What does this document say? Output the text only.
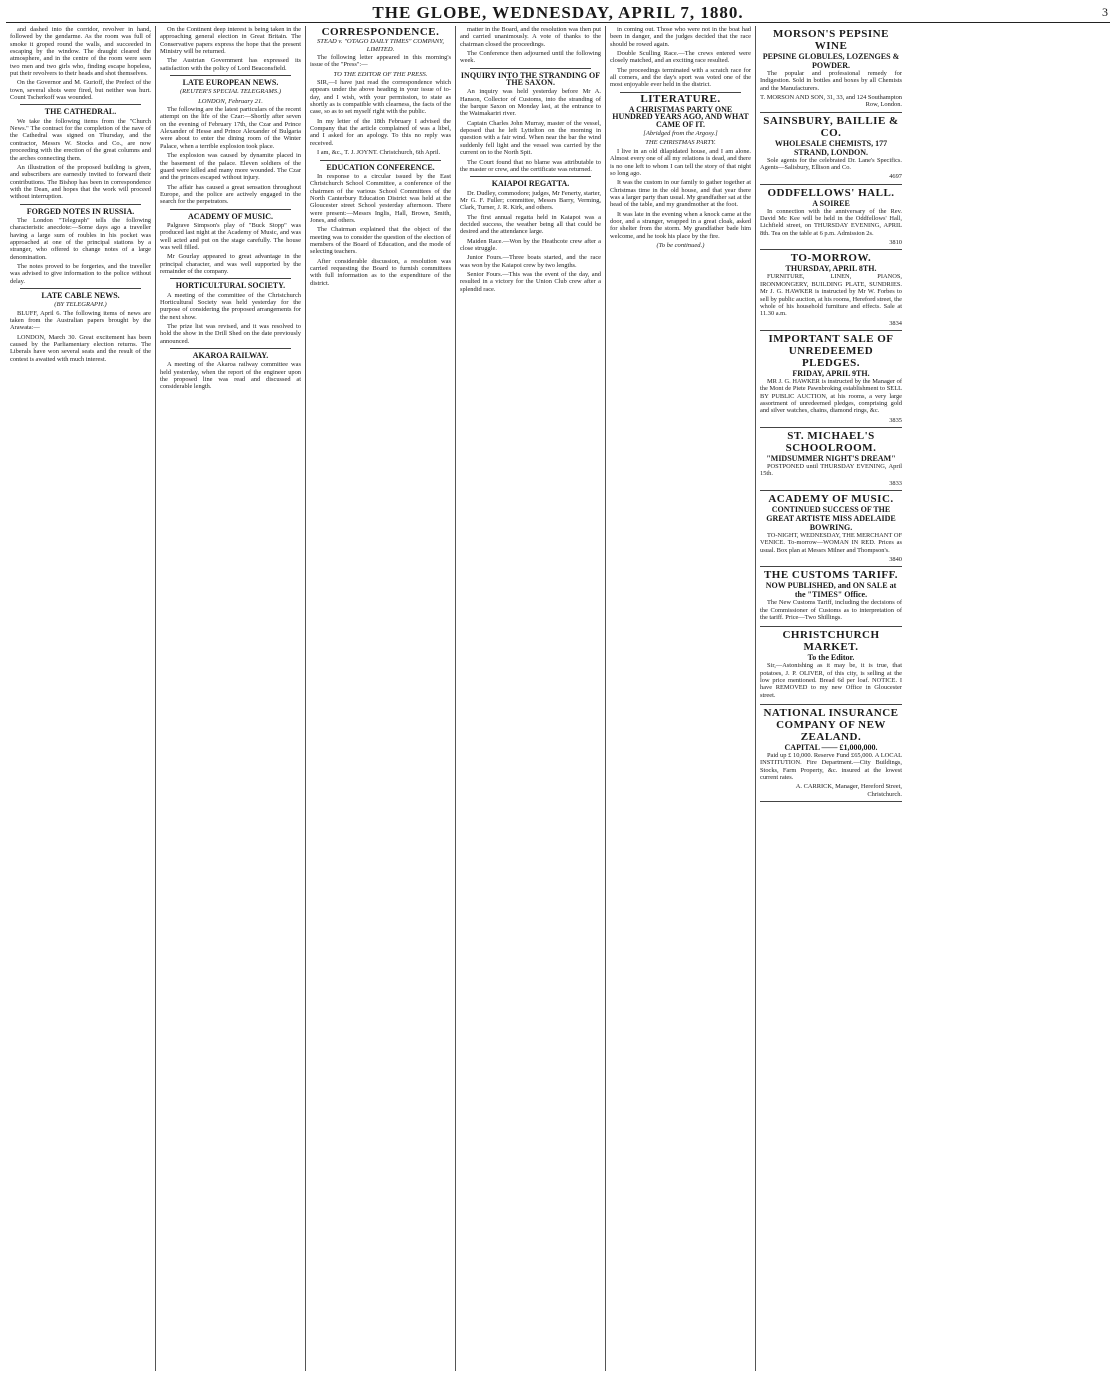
THE GLOBE, WEDNESDAY, APRIL 7, 1880.	3

and dashed into the corridor, revolver in hand, followed by the gendarme. As the room was full of smoke it groped round the walls, and succeeded in escaping by the window. The draught cleared the atmosphere, and in the centre of the room were seen two men and two girls who, finding escape hopeless, put their revolvers to their heads and shot themselves.

On the Governor and M. Gurioff, the Prefect of the town, several shots were fired, but neither was hurt. Count Tscherkoff was wounded.

THE CATHEDRAL.

We take the following items from the "Church News." The contract for the completion of the nave of the Cathedral was signed on Thursday, and the contractor, Messrs W. Stocks and Co., are now proceeding with the erection of the great columns and the arches connecting them.

An illustration of the proposed building is given, and subscribers are earnestly invited to forward their contributions. The Bishop has been in correspondence with the Dean, and hopes that the work will proceed without interruption.

FORGED NOTES IN RUSSIA.

The London "Telegraph" tells the following characteristic anecdote:—Some days ago a traveller having a large sum of roubles in his pocket was approached at one of the principal stations by a stranger, who offered to change notes of a large denomination.

The notes proved to be forgeries, and the traveller was advised to give information to the police without delay.

LATE CABLE NEWS.
(BY TELEGRAPH.)

BLUFF, April 6. The following items of news are taken from the Australian papers brought by the Arawata:—

LONDON, March 30. Great excitement has been caused by the Parliamentary election returns. The Liberals have won several seats and the result of the contest is awaited with much interest.

On the Continent deep interest is being taken in the approaching general election in Great Britain. The Conservative papers express the hope that the present Ministry will be returned.

The Austrian Government has expressed its satisfaction with the policy of Lord Beaconsfield.

LATE EUROPEAN NEWS.
(REUTER'S SPECIAL TELEGRAMS.)
LONDON, February 21.

The following are the latest particulars of the recent attempt on the life of the Czar:—Shortly after seven on the evening of February 17th, the Czar and Prince Alexander of Hesse and Prince Alexander of Bulgaria were about to enter the dining room of the Winter Palace, when a terrible explosion took place.

The explosion was caused by dynamite placed in the basement of the palace. Eleven soldiers of the guard were killed and many more wounded. The Czar and the princes escaped without injury.

The affair has caused a great sensation throughout Europe, and the police are actively engaged in the search for the perpetrators.

ACADEMY OF MUSIC.

Palgrave Simpson's play of "Buck Stopp" was produced last night at the Academy of Music, and was well acted and put on the stage carefully. The house was well filled.

Mr Gourlay appeared to great advantage in the principal character, and was well supported by the remainder of the company.

HORTICULTURAL SOCIETY.

A meeting of the committee of the Christchurch Horticultural Society was held yesterday for the purpose of considering the proposed arrangements for the next show.

The prize list was revised, and it was resolved to hold the show in the Drill Shed on the date previously announced.

AKAROA RAILWAY.

A meeting of the Akaroa railway committee was held yesterday, when the report of the engineer upon the proposed line was read and discussed at considerable length.

CORRESPONDENCE.
STEAD v. "OTAGO DAILY TIMES" COMPANY, LIMITED.

The following letter appeared in this morning's issue of the "Press":—

TO THE EDITOR OF THE PRESS.

SIR,—I have just read the correspondence which appears under the above heading in your issue of to-day, and I wish, with your permission, to state as shortly as is compatible with clearness, the facts of the case, so as to set myself right with the public.

In my letter of the 18th February I advised the Company that the article complained of was a libel, and I asked for an apology. To this no reply was received.

I am, &c., T. J. JOYNT. Christchurch, 6th April.

EDUCATION CONFERENCE.

In response to a circular issued by the East Christchurch School Committee, a conference of the chairmen of the various School Committees of the North Canterbury Education District was held at the Gloucester street School yesterday afternoon. There were present:—Messrs Inglis, Hall, Brown, Smith, Jones, and others.

The Chairman explained that the object of the meeting was to consider the question of the election of members of the Board of Education, and the mode of selecting teachers.

After considerable discussion, a resolution was carried requesting the Board to furnish committees with full information as to the expenditure of the district.

matter in the Board, and the resolution was then put and carried unanimously. A vote of thanks to the chairman closed the proceedings.

The Conference then adjourned until the following week.

INQUIRY INTO THE STRANDING OF THE SAXON.

An inquiry was held yesterday before Mr A. Hanson, Collector of Customs, into the stranding of the barque Saxon on Monday last, at the entrance to the Waimakariri river.

Captain Charles John Murray, master of the vessel, deposed that he left Lyttelton on the morning in question with a fair wind. When near the bar the wind suddenly fell light and the vessel was carried by the current on to the North Spit.

The Court found that no blame was attributable to the master or crew, and the certificate was returned.

KAIAPOI REGATTA.

Dr. Dudley, commodore; judges, Mr Fenerty, starter, Mr G. F. Fuller; committee, Messrs Barry, Verming, Clark, Turner, J. R. Kirk, and others.

The first annual regatta held in Kaiapoi was a decided success, the weather being all that could be desired and the attendance large.

Maiden Race.—Won by the Heathcote crew after a close struggle.

Junior Fours.—Three boats started, and the race was won by the Kaiapoi crew by two lengths.

Senior Fours.—This was the event of the day, and resulted in a victory for the Union Club crew after a splendid race.

in coming out. Those who were not in the boat had been in danger, and the judges decided that the race should be rowed again.

Double Sculling Race.—The crews entered were closely matched, and an exciting race resulted.

The proceedings terminated with a scratch race for all comers, and the day's sport was voted one of the most enjoyable ever held in the district.

LITERATURE.
A CHRISTMAS PARTY ONE HUNDRED YEARS AGO, AND WHAT CAME OF IT.
[Abridged from the Argosy.]
THE CHRISTMAS PARTY.

I live in an old dilapidated house, and I am alone. Almost every one of all my relations is dead, and there is no one left to whom I can tell the story of that night so long ago.

It was the custom in our family to gather together at Christmas time in the old house, and that year there was a larger party than usual. My grandfather sat at the head of the table, and my grandmother at the foot.

It was late in the evening when a knock came at the door, and a stranger, wrapped in a great cloak, asked for shelter from the storm. My grandfather bade him welcome, and he took his place by the fire.

(To be continued.)
MORSON'S PEPSINE WINE
PEPSINE GLOBULES, LOZENGES & POWDER.

The popular and professional remedy for Indigestion. Sold in bottles and boxes by all Chemists and the Manufacturers.

T. MORSON AND SON, 31, 33, and 124 Southampton Row, London.
SAINSBURY, BAILLIE & CO.
WHOLESALE CHEMISTS, 177 STRAND, LONDON.

Sole agents for the celebrated Dr. Lane's Specifics. Agents—Salisbury, Ellison and Co.

4697
ODDFELLOWS' HALL.
A SOIREE

In connection with the anniversary of the Rev. David Mc Kee will be held in the Oddfellows' Hall, Lichfield street, on THURSDAY EVENING, APRIL 8th. Tea on the table at 6 p.m. Admission 2s.

3810
TO-MORROW.
THURSDAY, APRIL 8TH.

FURNITURE, LINEN, PIANOS, IRONMONGERY, BUILDING PLATE, SUNDRIES. Mr J. G. HAWKER is instructed by Mr W. Forbes to sell by public auction, at his rooms, Hereford street, the whole of his household furniture and effects. Sale at 11.30 a.m.

3834
IMPORTANT SALE OF UNREDEEMED PLEDGES.
FRIDAY, APRIL 9TH.

MR J. G. HAWKER is instructed by the Manager of the Mont de Piete Pawnbroking establishment to SELL BY PUBLIC AUCTION, at his rooms, a very large assortment of unredeemed pledges, comprising gold and silver watches, chains, diamond rings, &c.

3835
ST. MICHAEL'S SCHOOLROOM.
"MIDSUMMER NIGHT'S DREAM"

POSTPONED until THURSDAY EVENING, April 15th.

3833
ACADEMY OF MUSIC.
CONTINUED SUCCESS OF THE GREAT ARTISTE MISS ADELAIDE BOWRING.

TO-NIGHT, WEDNESDAY, THE MERCHANT OF VENICE. To-morrow—WOMAN IN RED. Prices as usual. Box plan at Messrs Milner and Thompson's.

3840
THE CUSTOMS TARIFF.
NOW PUBLISHED, and ON SALE at the "TIMES" Office.

The New Customs Tariff, including the decisions of the Commissioner of Customs as to interpretation of the tariff. Price—Two Shillings.

CHRISTCHURCH MARKET.
To the Editor.

Sir,—Astonishing as it may be, it is true, that potatoes, J. P. OLIVER, of this city, is selling at the low price mentioned. Bread 6d per loaf. NOTICE. I have REMOVED to my new Office in Gloucester street.

NATIONAL INSURANCE COMPANY OF NEW ZEALAND.
CAPITAL —— £1,000,000.

Paid up £ 10,000. Reserve Fund £65,000. A LOCAL INSTITUTION. Fire Department.—City Buildings, Stocks, Farm Property, &c. insured at the lowest current rates.

A. CARRICK, Manager, Hereford Street, Christchurch.
